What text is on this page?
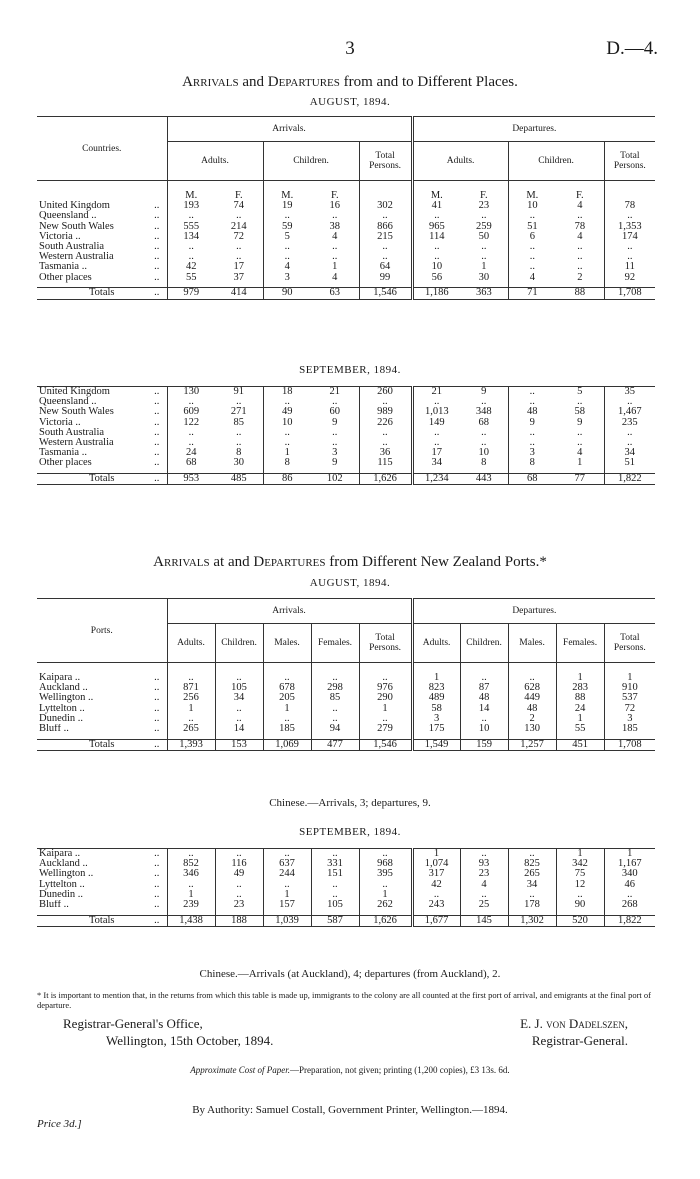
3	D.—4.
Arrivals and Departures from and to Different Places.
AUGUST, 1894.
Countries.		Arrivals.					Departures.				
		Adults.		Children.		Total Persons.	Adults.		Children.		Total Persons.

		M.	F.	M.	F.		M.	F.	M.	F.	
United Kingdom	..	193	74	19	16	302	41	23	10	4	78
Queensland ..	..	..	..	..	..	..	..	..	..	..	..
New South Wales	..	555	214	59	38	866	965	259	51	78	1,353
Victoria ..	..	134	72	5	4	215	114	50	6	4	174
South Australia	..	..	..	..	..	..	..	..	..	..	..
Western Australia	..	..	..	..	..	..	..	..	..	..	..
Tasmania ..	..	42	17	4	1	64	10	1	..	..	11
Other places	..	55	37	3	4	99	56	30	4	2	92

Totals	..	979	414	90	63	1,546	1,186	363	71	88	1,708
SEPTEMBER, 1894.
United Kingdom	..	130	91	18	21	260	21	9	..	5	35
Queensland ..	..	..	..	..	..	..	..	..	..	..	..
New South Wales	..	609	271	49	60	989	1,013	348	48	58	1,467
Victoria ..	..	122	85	10	9	226	149	68	9	9	235
South Australia	..	..	..	..	..	..	..	..	..	..	..
Western Australia	..	..	..	..	..	..	..	..	..	..	..
Tasmania ..	..	24	8	1	3	36	17	10	3	4	34
Other places	..	68	30	8	9	115	34	8	8	1	51

Totals	..	953	485	86	102	1,626	1,234	443	68	77	1,822
Arrivals at and Departures from Different New Zealand Ports.*
AUGUST, 1894.
Ports.		Arrivals.					Departures.				
		Adults.	Children.	Males.	Females.	Total Persons.	Adults.	Children.	Males.	Females.	Total Persons.

Kaipara ..	..	..	..	..	..	..	1	..	..	1	1
Auckland ..	..	871	105	678	298	976	823	87	628	283	910
Wellington ..	..	256	34	205	85	290	489	48	449	88	537
Lyttelton ..	..	1	..	1	..	1	58	14	48	24	72
Dunedin ..	..	..	..	..	..	..	3	..	2	1	3
Bluff ..	..	265	14	185	94	279	175	10	130	55	185

Totals	..	1,393	153	1,069	477	1,546	1,549	159	1,257	451	1,708
Chinese.—Arrivals, 3; departures, 9.
SEPTEMBER, 1894.
Kaipara ..	..	..	..	..	..	..	1	..	..	1	1
Auckland ..	..	852	116	637	331	968	1,074	93	825	342	1,167
Wellington ..	..	346	49	244	151	395	317	23	265	75	340
Lyttelton ..	..	..	..	..	..	..	42	4	34	12	46
Dunedin ..	..	1	..	1	..	1	..	..	..	..	..
Bluff ..	..	239	23	157	105	262	243	25	178	90	268

Totals	..	1,438	188	1,039	587	1,626	1,677	145	1,302	520	1,822
Chinese.—Arrivals (at Auckland), 4; departures (from Auckland), 2.
* It is important to mention that, in the returns from which this table is made up, immigrants to the colony are all counted at the first port of arrival, and emigrants at the final port of departure.
Registrar-General's Office,
Wellington, 15th October, 1894.
E. J. von Dadelszen,
Registrar-General.
Approximate Cost of Paper.—Preparation, not given; printing (1,200 copies), £3 13s. 6d.
By Authority: Samuel Costall, Government Printer, Wellington.—1894.
Price 3d.]
